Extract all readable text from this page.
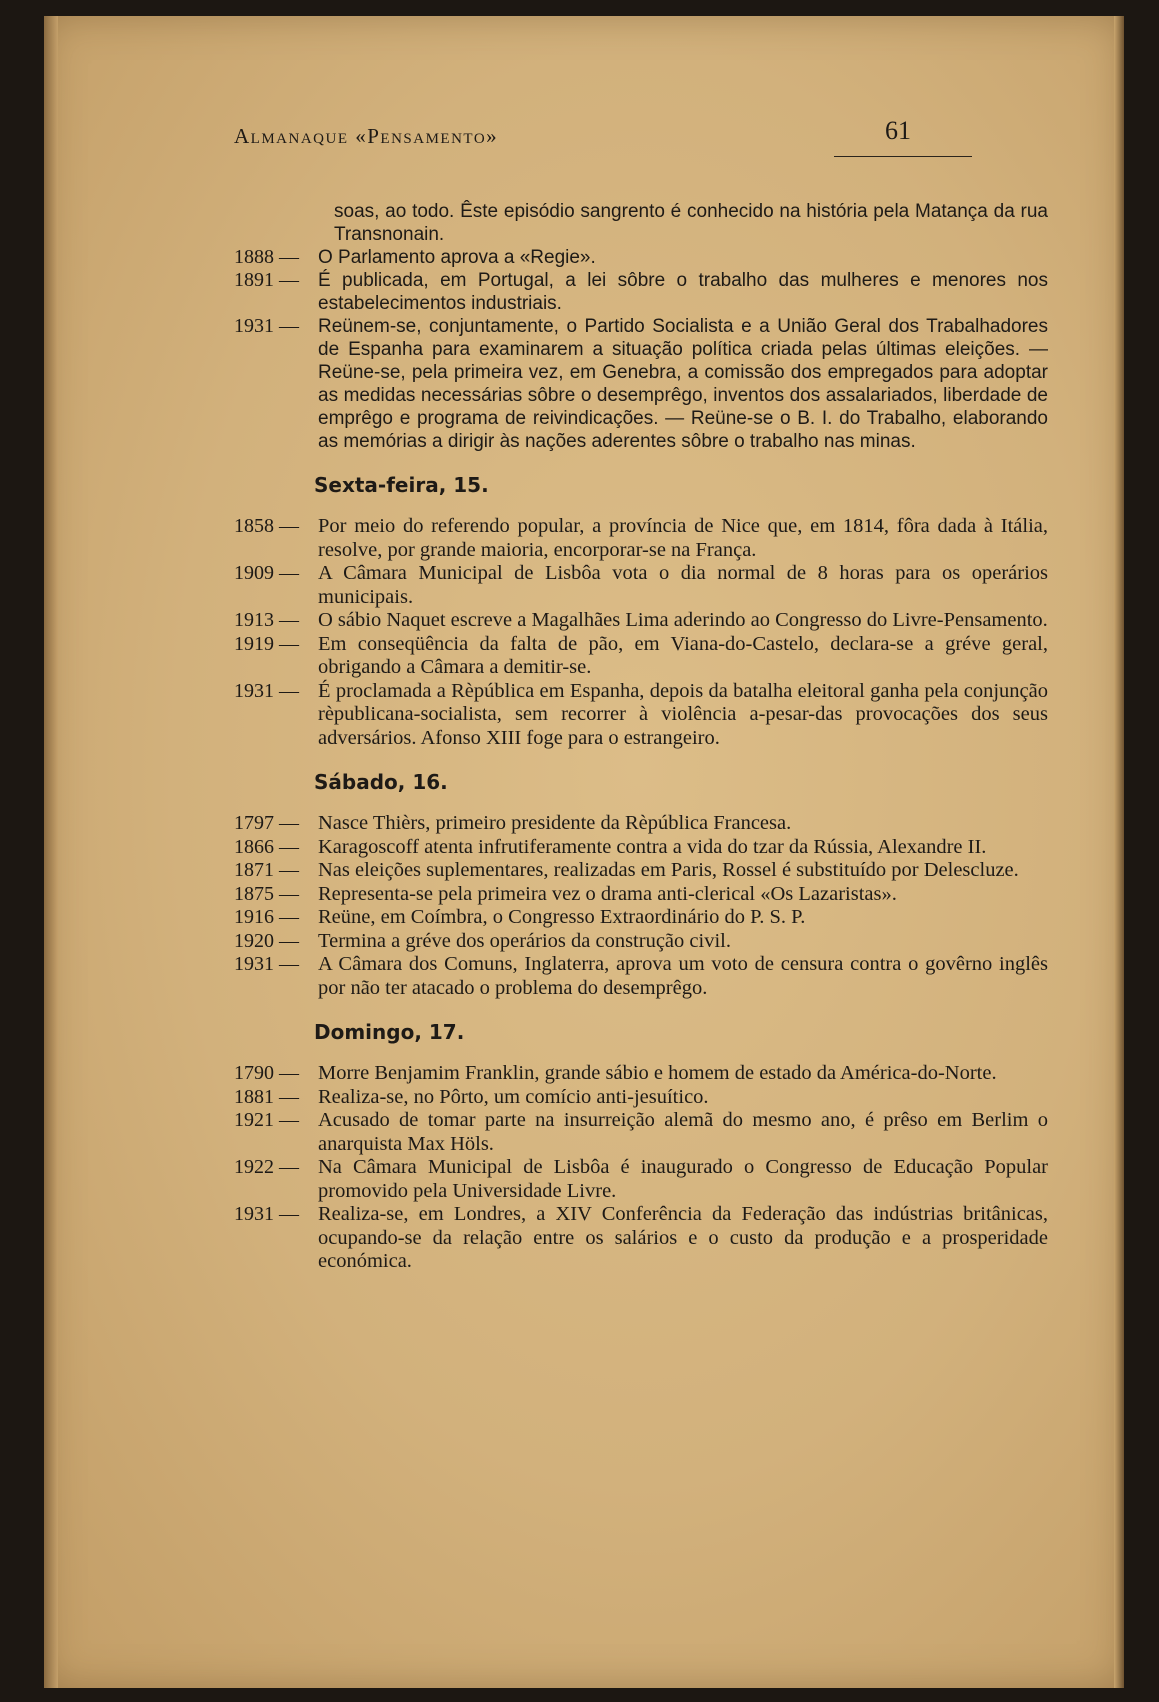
Almanaque «Pensamento»	61
soas, ao todo. Êste episódio sangrento é conhecido na história pela Matança da rua Transnonain.
1888 — O Parlamento aprova a «Regie».
1891 — É publicada, em Portugal, a lei sôbre o trabalho das mulheres e menores nos estabelecimentos industriais.
1931 — Reünem-se, conjuntamente, o Partido Socialista e a União Geral dos Trabalhadores de Espanha para examinarem a situação política criada pelas últimas eleições. — Reüne-se, pela primeira vez, em Genebra, a comissão dos empregados para adoptar as medidas necessárias sôbre o desemprêgo, inventos dos assalariados, liberdade de emprêgo e programa de reivindicações. — Reüne-se o B. I. do Trabalho, elaborando as memórias a dirigir às nações aderentes sôbre o trabalho nas minas.
Sexta-feira, 15.
1858 — Por meio do referendo popular, a província de Nice que, em 1814, fôra dada à Itália, resolve, por grande maioria, encorporar-se na França.
1909 — A Câmara Municipal de Lisbôa vota o dia normal de 8 horas para os operários municipais.
1913 — O sábio Naquet escreve a Magalhães Lima aderindo ao Congresso do Livre-Pensamento.
1919 — Em conseqüência da falta de pão, em Viana-do-Castelo, declara-se a gréve geral, obrigando a Câmara a demitir-se.
1931 — É proclamada a Rèpública em Espanha, depois da batalha eleitoral ganha pela conjunção rèpublicana-socialista, sem recorrer à violência a-pesar-das provocações dos seus adversários. Afonso XIII foge para o estrangeiro.
Sábado, 16.
1797 — Nasce Thièrs, primeiro presidente da Rèpública Francesa.
1866 — Karagoscoff atenta infrutiferamente contra a vida do tzar da Rússia, Alexandre II.
1871 — Nas eleições suplementares, realizadas em Paris, Rossel é substituído por Delescluze.
1875 — Representa-se pela primeira vez o drama anti-clerical «Os Lazaristas».
1916 — Reüne, em Coímbra, o Congresso Extraordinário do P. S. P.
1920 — Termina a gréve dos operários da construção civil.
1931 — A Câmara dos Comuns, Inglaterra, aprova um voto de censura contra o govêrno inglês por não ter atacado o problema do desemprêgo.
Domingo, 17.
1790 — Morre Benjamim Franklin, grande sábio e homem de estado da América-do-Norte.
1881 — Realiza-se, no Pôrto, um comício anti-jesuítico.
1921 — Acusado de tomar parte na insurreição alemã do mesmo ano, é prêso em Berlim o anarquista Max Höls.
1922 — Na Câmara Municipal de Lisbôa é inaugurado o Congresso de Educação Popular promovido pela Universidade Livre.
1931 — Realiza-se, em Londres, a XIV Conferência da Federação das indústrias britânicas, ocupando-se da relação entre os salários e o custo da produção e a prosperidade económica.
